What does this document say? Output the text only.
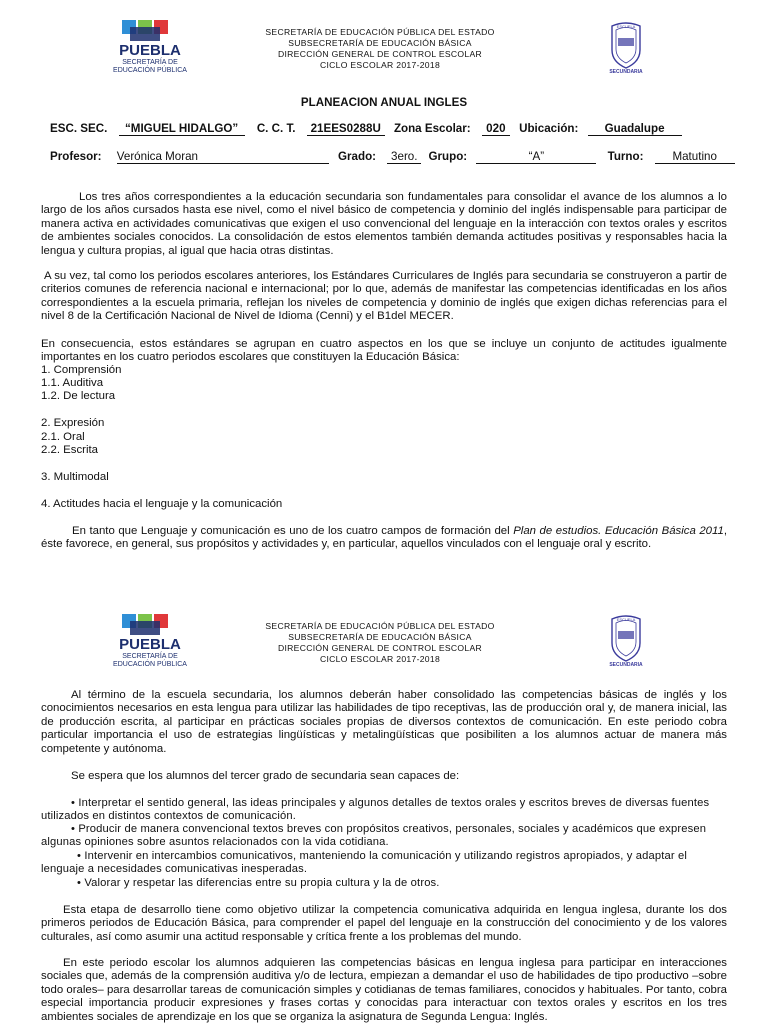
PUEBLA
SECRETARÍA DE
EDUCACIÓN PÚBLICA
SECRETARÍA DE EDUCACIÓN PÚBLICA DEL ESTADO
SUBSECRETARÍA DE EDUCACIÓN BÁSICA
DIRECCIÓN GENERAL DE CONTROL ESCOLAR
CICLO ESCOLAR 2017-2018
ESCUELA
SECUNDARIA
PLANEACION ANUAL INGLES
ESC. SEC. “MIGUEL HIDALGO” C. C. T. 21EES0288U Zona Escolar: 020 Ubicación: Guadalupe
Profesor: Verónica Moran	Grado: 3ero. Grupo:	“A”	Turno:	Matutino
Los tres años correspondientes a la educación secundaria son fundamentales para consolidar el avance de los alumnos a lo largo de los años cursados hasta ese nivel, como el nivel básico de competencia y dominio del inglés indispensable para participar de manera activa en actividades comunicativas que exigen el uso convencional del lenguaje en la interacción con textos orales y escritos de ambientes sociales conocidos. La consolidación de estos elementos también demanda actitudes positivas y responsables hacia la lengua y cultura propias, al igual que hacia otras distintas.
A su vez, tal como los periodos escolares anteriores, los Estándares Curriculares de Inglés para secundaria se construyeron a partir de criterios comunes de referencia nacional e internacional; por lo que, además de manifestar las competencias identificadas en los años correspondientes a la escuela primaria, reflejan los niveles de competencia y dominio de inglés que exigen dichas referencias para el nivel 8 de la Certificación Nacional de Nivel de Idioma (Cenni) y el B1del MECER.
En consecuencia, estos estándares se agrupan en cuatro aspectos en los que se incluye un conjunto de actitudes igualmente importantes en los cuatro periodos escolares que constituyen la Educación Básica:
1. Comprensión
1.1. Auditiva
1.2. De lectura
2. Expresión
2.1. Oral
2.2. Escrita
3. Multimodal
4. Actitudes hacia el lenguaje y la comunicación
En tanto que Lenguaje y comunicación es uno de los cuatro campos de formación del Plan de estudios. Educación Básica 2011, éste favorece, en general, sus propósitos y actividades y, en particular, aquellos vinculados con el lenguaje oral y escrito.
PUEBLA
SECRETARÍA DE
EDUCACIÓN PÚBLICA
SECRETARÍA DE EDUCACIÓN PÚBLICA DEL ESTADO
SUBSECRETARÍA DE EDUCACIÓN BÁSICA
DIRECCIÓN GENERAL DE CONTROL ESCOLAR
CICLO ESCOLAR 2017-2018
ESCUELA
SECUNDARIA
Al término de la escuela secundaria, los alumnos deberán haber consolidado las competencias básicas de inglés y los conocimientos necesarios en esta lengua para utilizar las habilidades de tipo receptivas, las de producción oral y, de manera inicial, las de producción escrita, al participar en prácticas sociales propias de diversos contextos de comunicación. En este periodo cobra particular importancia el uso de estrategias lingüísticas y metalingüísticas que posibiliten a los alumnos actuar de manera más competente y autónoma.
Se espera que los alumnos del tercer grado de secundaria sean capaces de:
• Interpretar el sentido general, las ideas principales y algunos detalles de textos orales y escritos breves de diversas fuentes utilizados en distintos contextos de comunicación.
• Producir de manera convencional textos breves con propósitos creativos, personales, sociales y académicos que expresen algunas opiniones sobre asuntos relacionados con la vida cotidiana.
• Intervenir en intercambios comunicativos, manteniendo la comunicación y utilizando registros apropiados, y adaptar el lenguaje a necesidades comunicativas inesperadas.
• Valorar y respetar las diferencias entre su propia cultura y la de otros.
Esta etapa de desarrollo tiene como objetivo utilizar la competencia comunicativa adquirida en lengua inglesa, durante los dos primeros periodos de Educación Básica, para comprender el papel del lenguaje en la construcción del conocimiento y de los valores culturales, así como asumir una actitud responsable y crítica frente a los problemas del mundo.
En este periodo escolar los alumnos adquieren las competencias básicas en lengua inglesa para participar en interacciones sociales que, además de la comprensión auditiva y/o de lectura, empiezan a demandar el uso de habilidades de tipo productivo –sobre todo orales– para desarrollar tareas de comunicación simples y cotidianas de temas familiares, conocidos y habituales. Por tanto, cobra especial importancia producir expresiones y frases cortas y conocidas para interactuar con textos orales y escritos en los tres ambientes sociales de aprendizaje en los que se organiza la asignatura de Segunda Lengua: Inglés.
